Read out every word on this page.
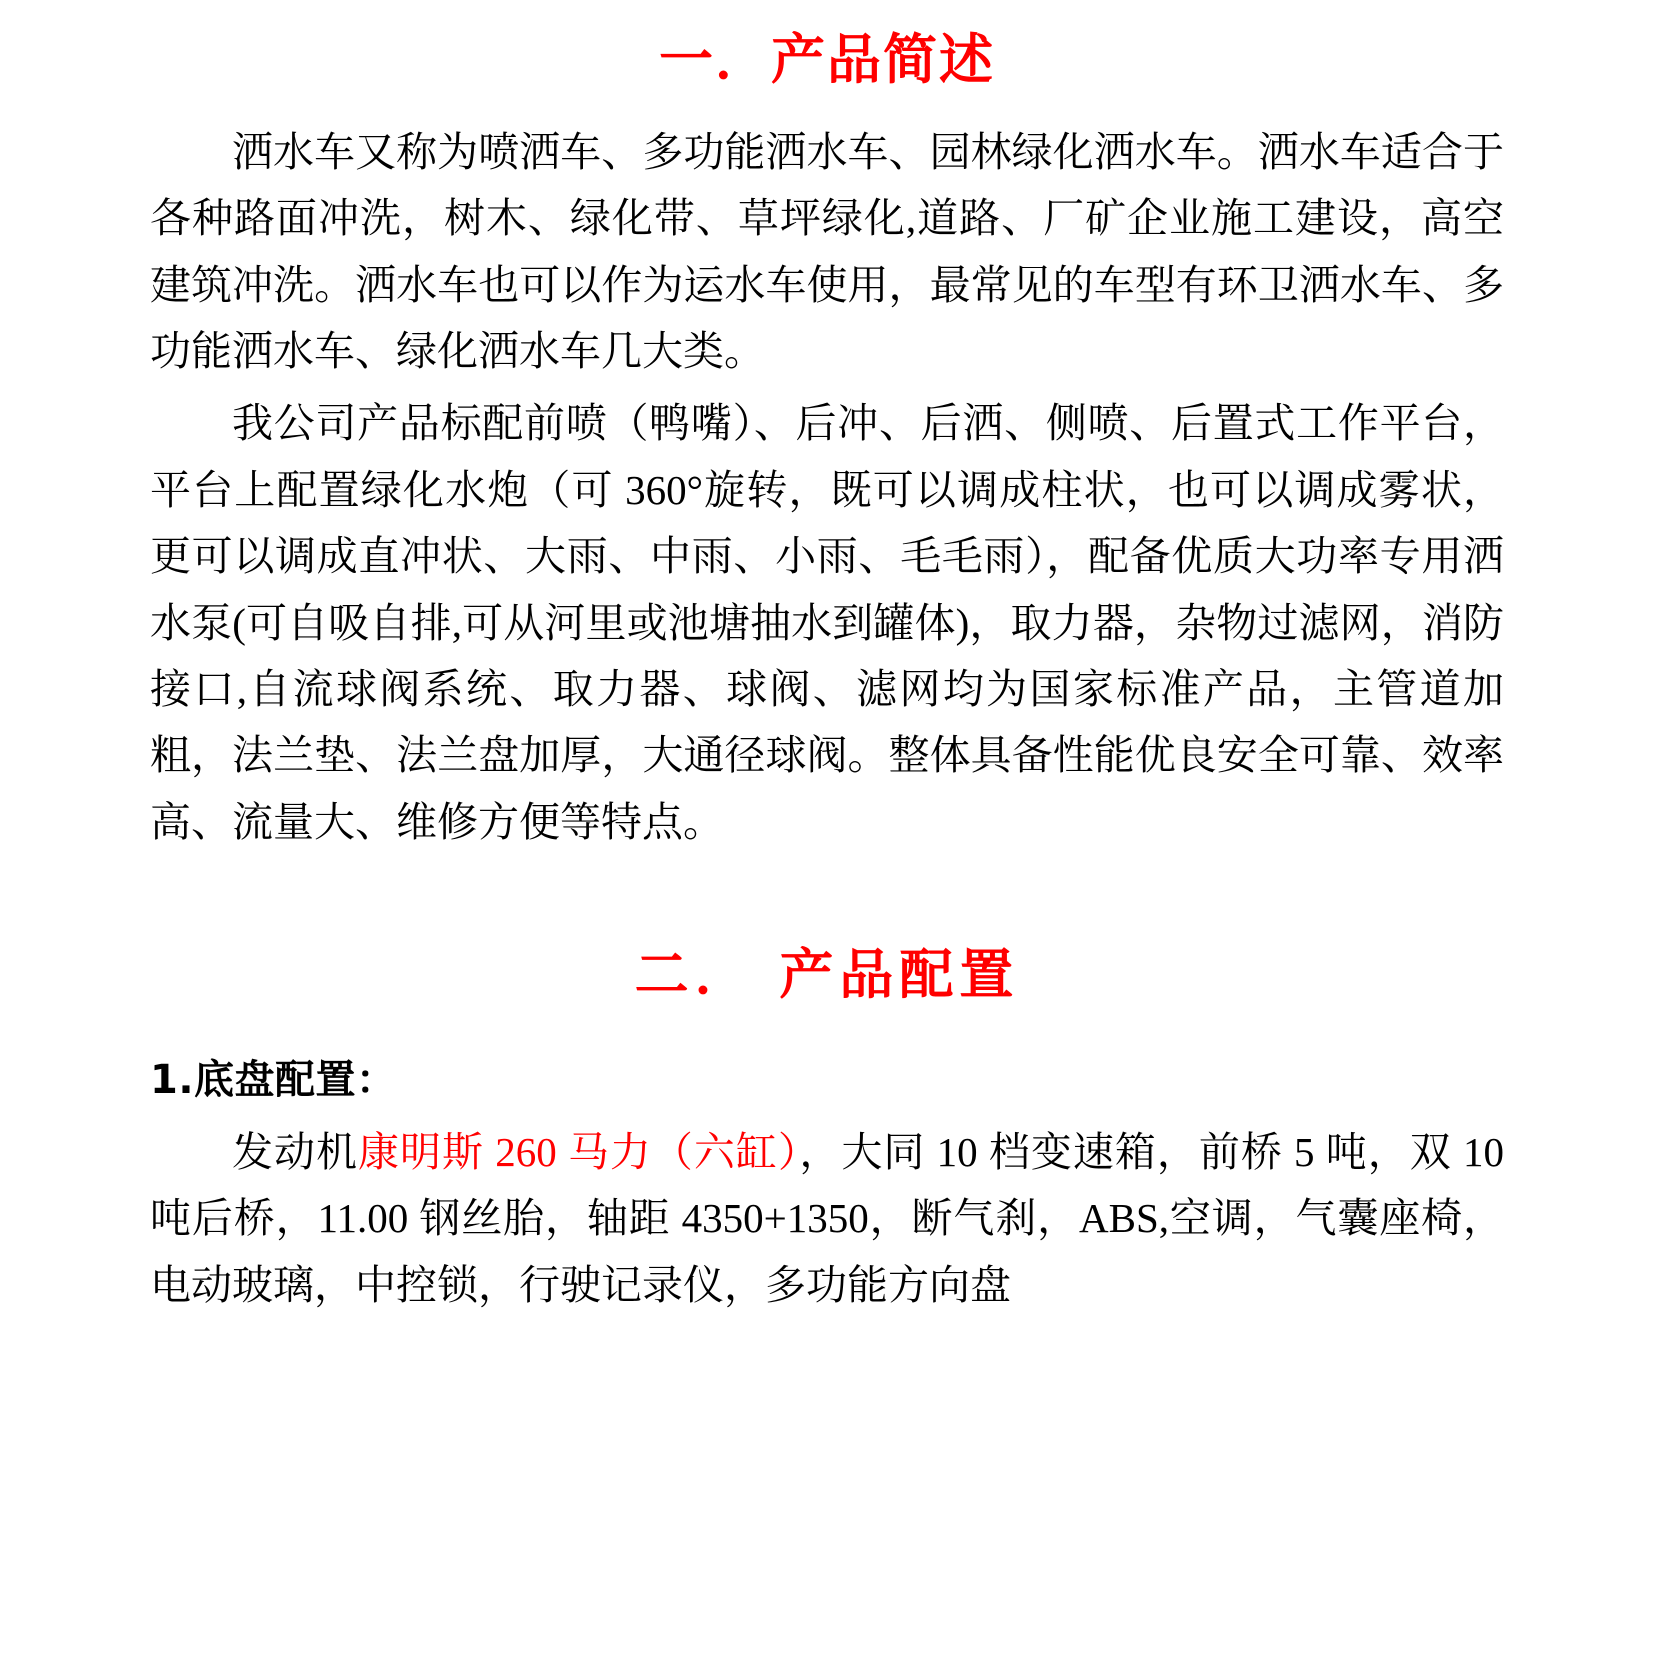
一．产品简述

洒水车又称为喷洒车、多功能洒水车、园林绿化洒水车。洒水车适合于各种路面冲洗，树木、绿化带、草坪绿化,道路、厂矿企业施工建设，高空建筑冲洗。洒水车也可以作为运水车使用，最常见的车型有环卫洒水车、多功能洒水车、绿化洒水车几大类。

我公司产品标配前喷（鸭嘴）、后冲、后洒、侧喷、后置式工作平台，平台上配置绿化水炮（可 360°旋转，既可以调成柱状，也可以调成雾状，更可以调成直冲状、大雨、中雨、小雨、毛毛雨），配备优质大功率专用洒水泵(可自吸自排,可从河里或池塘抽水到罐体)，取力器，杂物过滤网，消防接口,自流球阀系统、取力器、球阀、滤网均为国家标准产品，主管道加粗，法兰垫、法兰盘加厚，大通径球阀。整体具备性能优良安全可靠、效率高、流量大、维修方便等特点。

二． 产品配置
1.底盘配置：

发动机康明斯 260 马力（六缸），大同 10 档变速箱，前桥 5 吨，双 10 吨后桥，11.00 钢丝胎，轴距 4350+1350，断气刹，ABS,空调，气囊座椅，电动玻璃，中控锁，行驶记录仪，多功能方向盘
